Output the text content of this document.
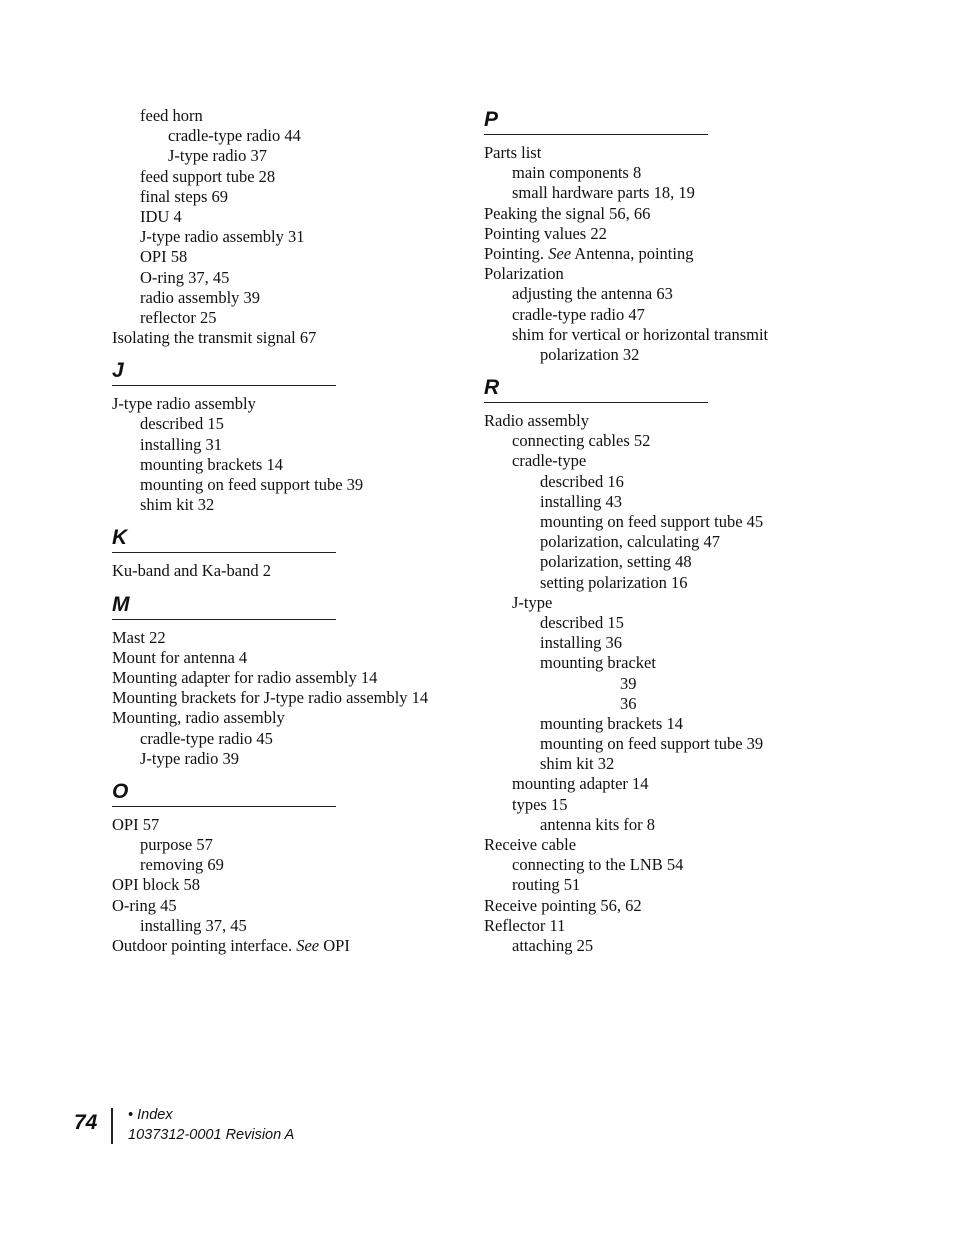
feed horn
cradle-type radio 44
J-type radio 37
feed support tube 28
final steps 69
IDU 4
J-type radio assembly 31
OPI 58
O-ring 37, 45
radio assembly 39
reflector 25
Isolating the transmit signal 67
J
J-type radio assembly
described 15
installing 31
mounting brackets 14
mounting on feed support tube 39
shim kit 32
K
Ku-band and Ka-band 2
M
Mast 22
Mount for antenna 4
Mounting adapter for radio assembly 14
Mounting brackets for J-type radio assembly 14
Mounting, radio assembly
cradle-type radio 45
J-type radio 39
O
OPI 57
purpose 57
removing 69
OPI block 58
O-ring 45
installing 37, 45
Outdoor pointing interface. See OPI
P
Parts list
main components 8
small hardware parts 18, 19
Peaking the signal 56, 66
Pointing values 22
Pointing. See Antenna, pointing
Polarization
adjusting the antenna 63
cradle-type radio 47
shim for vertical or horizontal transmit
polarization 32
R
Radio assembly
connecting cables 52
cradle-type
described 16
installing 43
mounting on feed support tube 45
polarization, calculating 47
polarization, setting 48
setting polarization 16
J-type
described 15
installing 36
mounting bracket
39
36
mounting brackets 14
mounting on feed support tube 39
shim kit 32
mounting adapter 14
types 15
antenna kits for 8
Receive cable
connecting to the LNB 54
routing 51
Receive pointing 56, 62
Reflector 11
attaching 25
74 • Index
1037312-0001 Revision A
